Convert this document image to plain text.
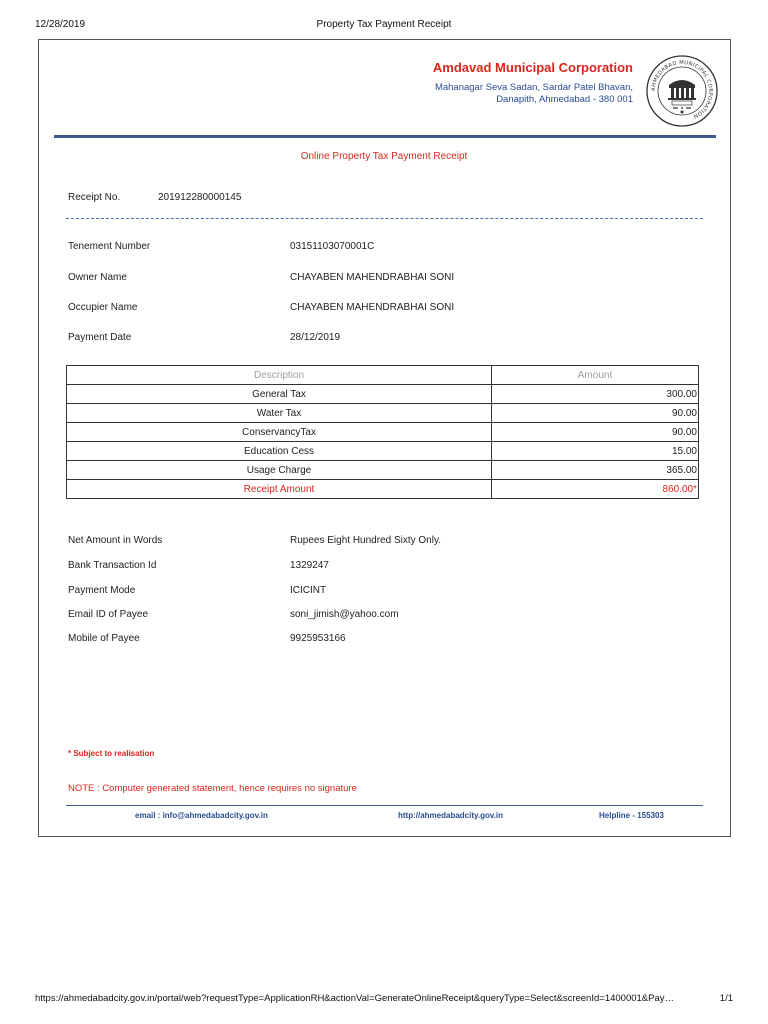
12/28/2019	Property Tax Payment Receipt
Amdavad Municipal Corporation
Mahanagar Seva Sadan, Sardar Patel Bhavan,
Danapith, Ahmedabad - 380 001
AHMEDABAD MUNICIPAL CORPORATION
Online Property Tax Payment Receipt
Receipt No.	201912280000145
Tenement Number	03151103070001C
Owner Name	CHAYABEN MAHENDRABHAI SONI
Occupier Name	CHAYABEN MAHENDRABHAI SONI
Payment Date	28/12/2019
Description	Amount
General Tax	300.00
Water Tax	90.00
ConservancyTax	90.00
Education Cess	15.00
Usage Charge	365.00
Receipt Amount	860.00*
Net Amount in Words	Rupees Eight Hundred Sixty Only.
Bank Transaction Id	1329247
Payment Mode	ICICINT
Email ID of Payee	soni_jimish@yahoo.com
Mobile of Payee	9925953166
* Subject to realisation
NOTE : Computer generated statement, hence requires no signature
email : info@ahmedabadcity.gov.in	http://ahmedabadcity.gov.in	Helpline - 155303
https://ahmedabadcity.gov.in/portal/web?requestType=ApplicationRH&actionVal=GenerateOnlineReceipt&queryType=Select&screenId=1400001&Pay…	1/1
